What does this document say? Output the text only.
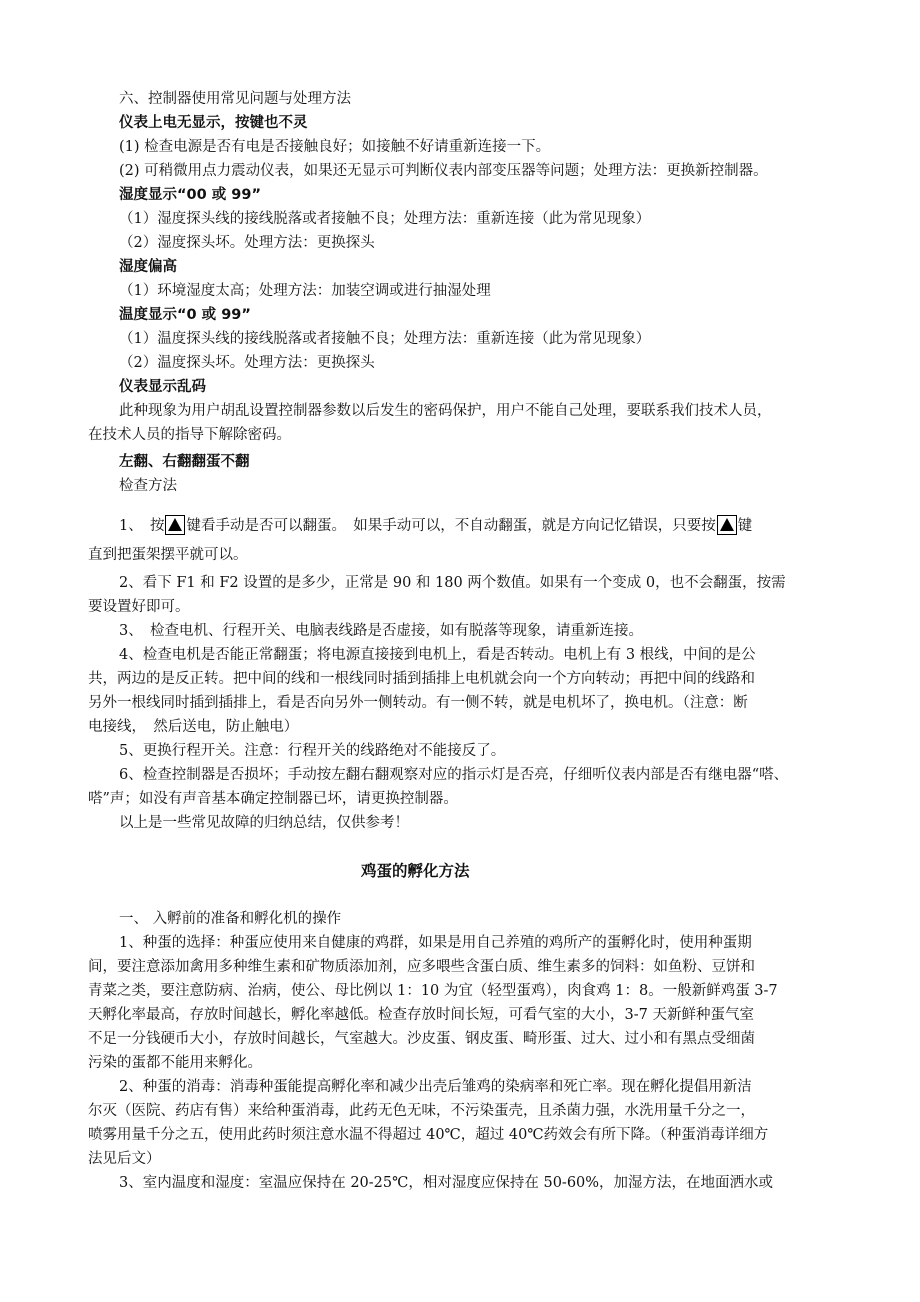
六、控制器使用常见问题与处理方法
仪表上电无显示，按键也不灵
(1) 检查电源是否有电是否接触良好；如接触不好请重新连接一下。
(2) 可稍微用点力震动仪表，如果还无显示可判断仪表内部变压器等问题；处理方法：更换新控制器。
湿度显示“00 或 99”
（1）湿度探头线的接线脱落或者接触不良；处理方法：重新连接（此为常见现象）
（2）湿度探头坏。处理方法：更换探头
湿度偏高
（1）环境湿度太高；处理方法：加装空调或进行抽湿处理
温度显示“0 或 99”
（1）温度探头线的接线脱落或者接触不良；处理方法：重新连接（此为常见现象）
（2）温度探头坏。处理方法：更换探头
仪表显示乱码
此种现象为用户胡乱设置控制器参数以后发生的密码保护，用户不能自己处理，要联系我们技术人员，
在技术人员的指导下解除密码。
左翻、右翻翻蛋不翻
检查方法
1、　按 键看手动是否可以翻蛋。　如果手动可以，不自动翻蛋，就是方向记忆错误，只要按 键
直到把蛋架摆平就可以。
2、看下 F1 和 F2 设置的是多少，正常是 90 和 180 两个数值。如果有一个变成 0，也不会翻蛋，按需
要设置好即可。
3、　检查电机、行程开关、电脑表线路是否虚接，如有脱落等现象，请重新连接。
4、检查电机是否能正常翻蛋；将电源直接接到电机上，看是否转动。电机上有 3 根线，中间的是公
共，两边的是反正转。把中间的线和一根线同时插到插排上电机就会向一个方向转动；再把中间的线路和
另外一根线同时插到插排上，看是否向另外一侧转动。有一侧不转，就是电机坏了，换电机。（注意：断
电接线，　然后送电，防止触电）
5、更换行程开关。注意：行程开关的线路绝对不能接反了。
6、检查控制器是否损坏；手动按左翻右翻观察对应的指示灯是否亮，仔细听仪表内部是否有继电器“嗒、
嗒”声；如没有声音基本确定控制器已坏，请更换控制器。
以上是一些常见故障的归纳总结，仅供参考！
鸡蛋的孵化方法
一、 入孵前的准备和孵化机的操作
1、种蛋的选择：种蛋应使用来自健康的鸡群，如果是用自己养殖的鸡所产的蛋孵化时，使用种蛋期
间，要注意添加禽用多种维生素和矿物质添加剂，应多喂些含蛋白质、维生素多的饲料：如鱼粉、豆饼和
青菜之类，要注意防病、治病，使公、母比例以 1：10 为宜（轻型蛋鸡），肉食鸡 1：8。一般新鲜鸡蛋 3-7
天孵化率最高，存放时间越长，孵化率越低。检查存放时间长短，可看气室的大小，3-7 天新鲜种蛋气室
不足一分钱硬币大小，存放时间越长，气室越大。沙皮蛋、钢皮蛋、畸形蛋、过大、过小和有黑点受细菌
污染的蛋都不能用来孵化。
2、种蛋的消毒：消毒种蛋能提高孵化率和减少出壳后雏鸡的染病率和死亡率。现在孵化提倡用新洁
尔灭（医院、药店有售）来给种蛋消毒，此药无色无味，不污染蛋壳，且杀菌力强，水洗用量千分之一，
喷雾用量千分之五，使用此药时须注意水温不得超过 40℃，超过 40℃药效会有所下降。（种蛋消毒详细方
法见后文）
3、室内温度和湿度：室温应保持在 20-25℃，相对湿度应保持在 50-60%，加湿方法，在地面洒水或
